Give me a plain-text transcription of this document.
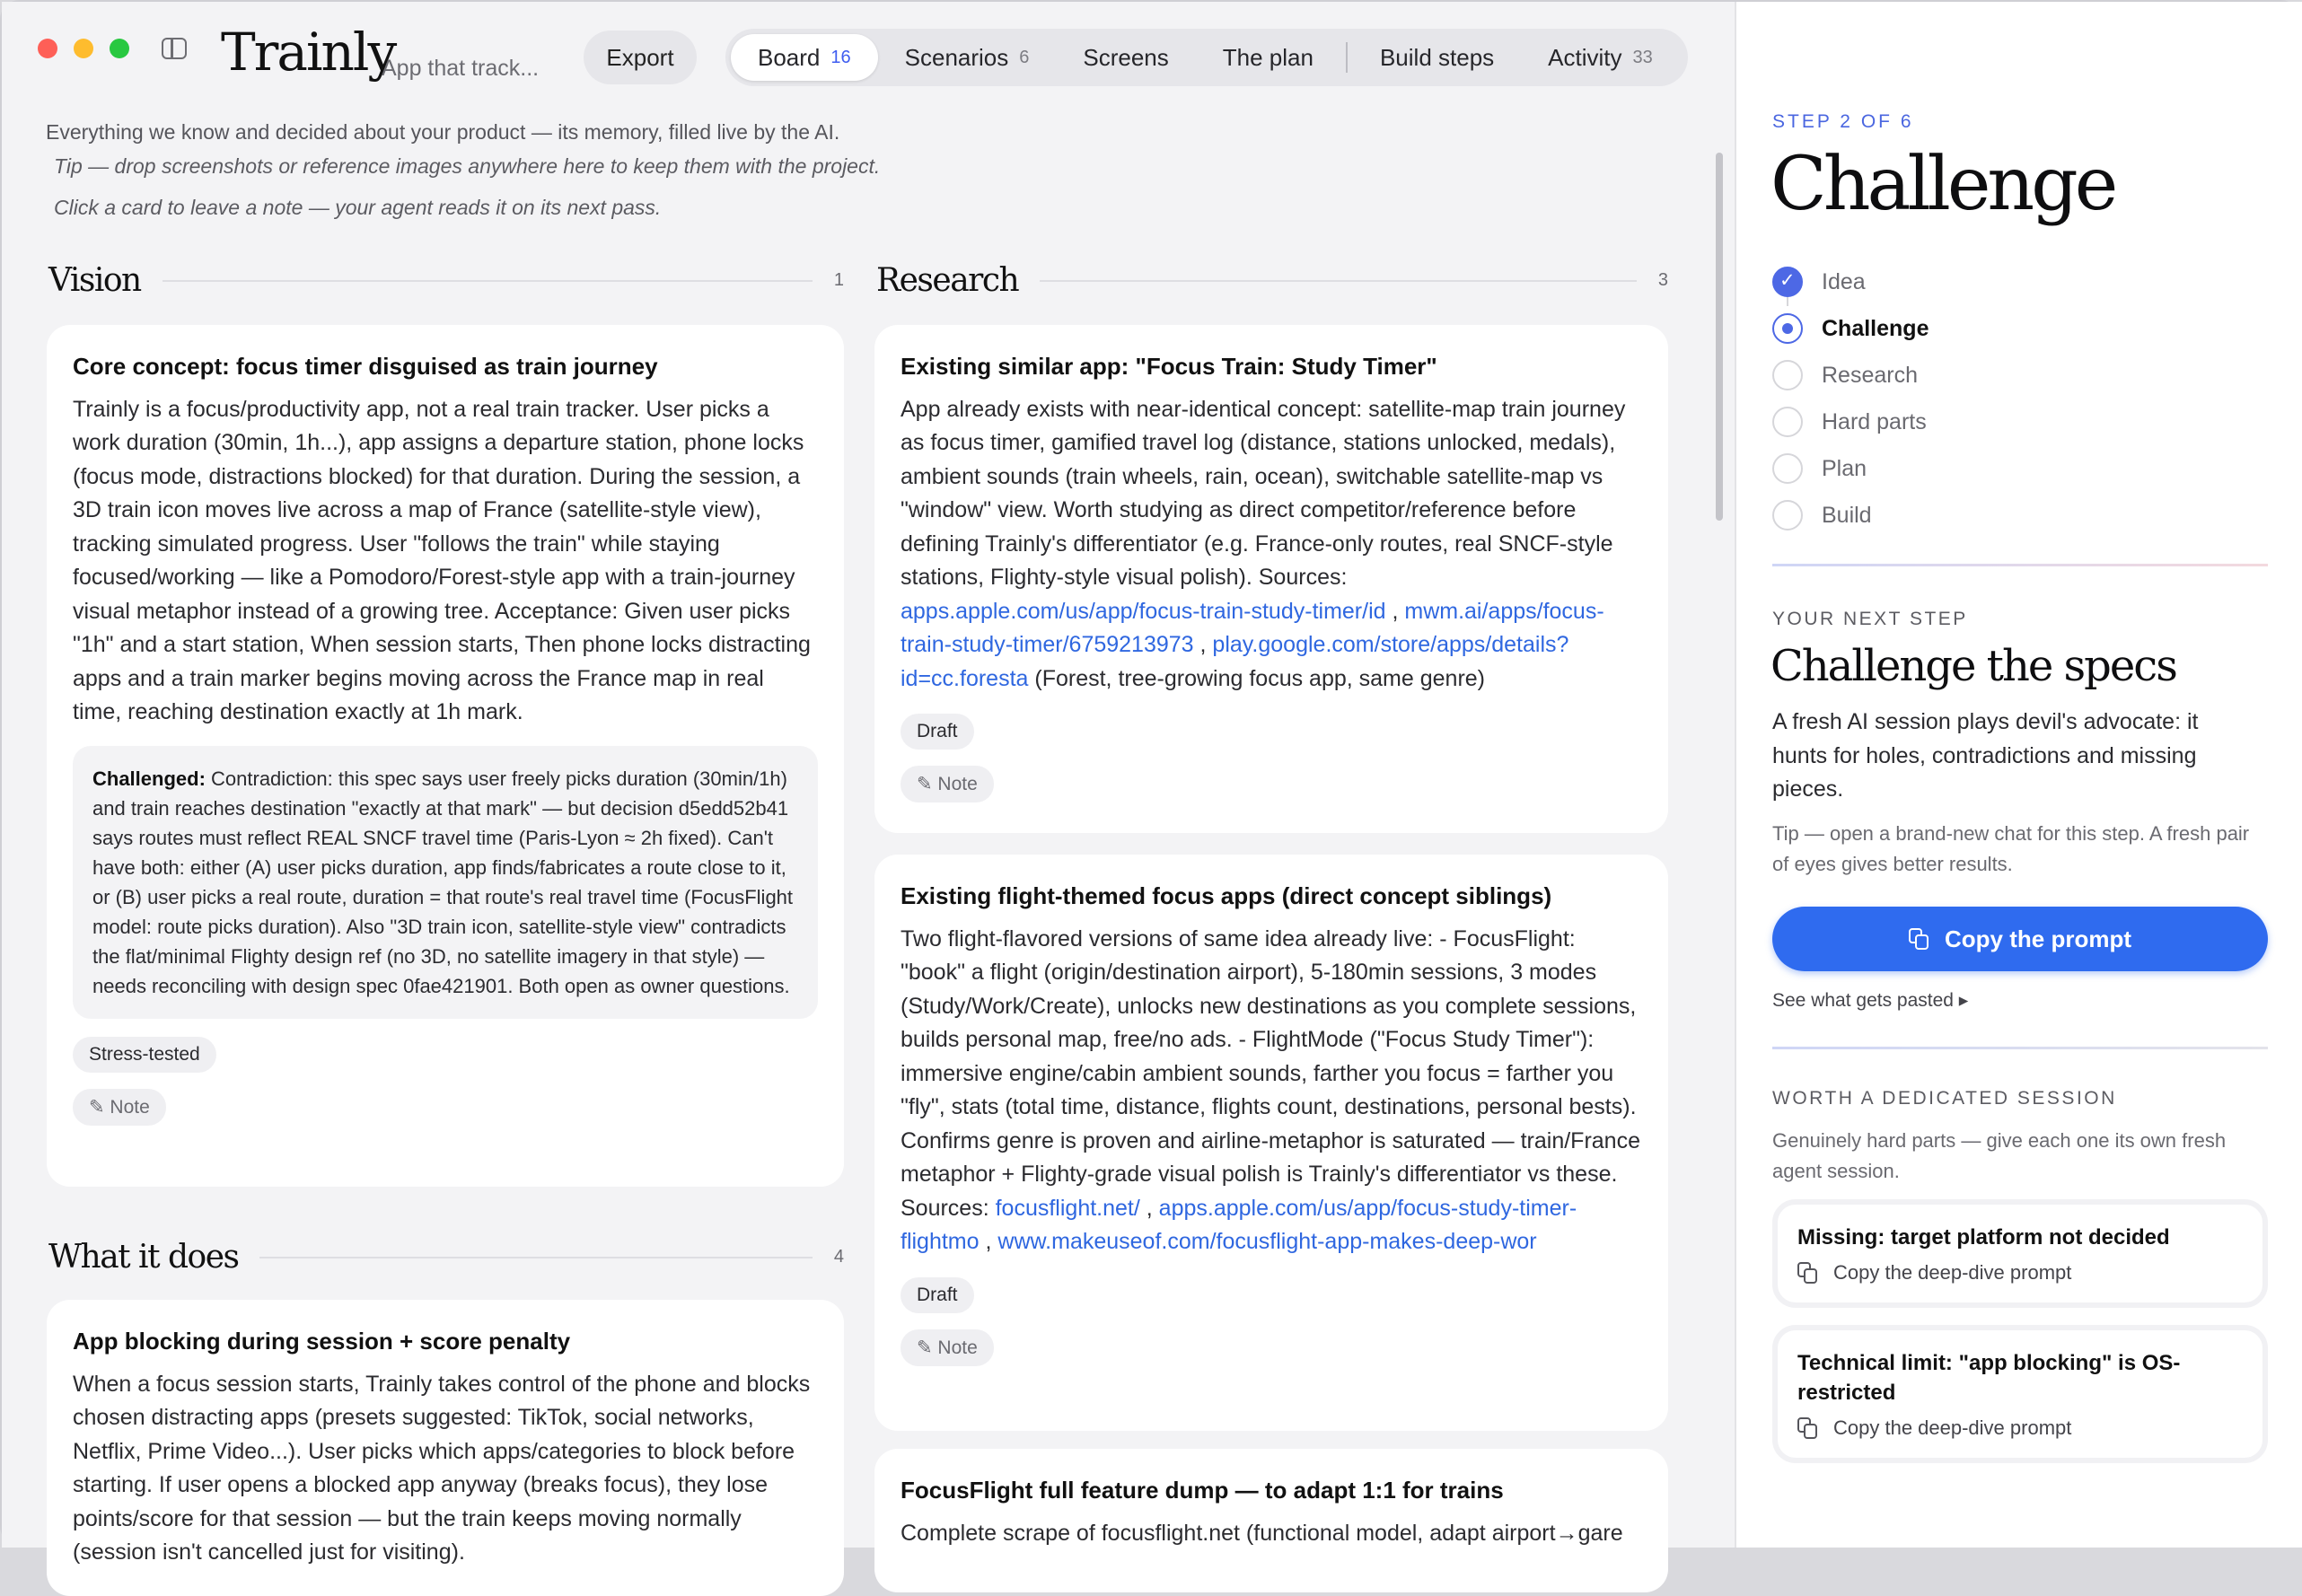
Trainly
App that track...	Export	Board 16 Scenarios 6 Screens The plan	Build steps Activity 33
Everything we know and decided about your product — its memory, filled live by the AI.
Tip — drop screenshots or reference images anywhere here to keep them with the project.
Click a card to leave a note — your agent reads it on its next pass.
Vision	1
Core concept: focus timer disguised as train journey
Trainly is a focus/productivity app, not a real train tracker. User picks a work duration (30min, 1h...), app assigns a departure station, phone locks (focus mode, distractions blocked) for that duration. During the session, a 3D train icon moves live across a map of France (satellite-style view), tracking simulated progress. User "follows the train" while staying focused/working — like a Pomodoro/Forest-style app with a train-journey visual metaphor instead of a growing tree. Acceptance: Given user picks "1h" and a start station, When session starts, Then phone locks distracting apps and a train marker begins moving across the France map in real time, reaching destination exactly at 1h mark.
Challenged: Contradiction: this spec says user freely picks duration (30min/1h) and train reaches destination "exactly at that mark" — but decision d5edd52b41 says routes must reflect REAL SNCF travel time (Paris-Lyon ≈ 2h fixed). Can't have both: either (A) user picks duration, app finds/fabricates a route close to it, or (B) user picks a real route, duration = that route's real travel time (FocusFlight model: route picks duration). Also "3D train icon, satellite-style view" contradicts the flat/minimal Flighty design ref (no 3D, no satellite imagery in that style) — needs reconciling with design spec 0fae421901. Both open as owner questions.
Stress-tested
✎ Note
What it does	4
App blocking during session + score penalty
When a focus session starts, Trainly takes control of the phone and blocks chosen distracting apps (presets suggested: TikTok, social networks, Netflix, Prime Video...). User picks which apps/categories to block before starting. If user opens a blocked app anyway (breaks focus), they lose points/score for that session — but the train keeps moving normally (session isn't cancelled just for visiting).
Research	3
Existing similar app: "Focus Train: Study Timer"
App already exists with near-identical concept: satellite-map train journey as focus timer, gamified travel log (distance, stations unlocked, medals), ambient sounds (train wheels, rain, ocean), switchable satellite-map vs "window" view. Worth studying as direct competitor/reference before defining Trainly's differentiator (e.g. France-only routes, real SNCF-style stations, Flighty-style visual polish). Sources: apps.apple.com/us/app/focus-train-study-timer/id , mwm.ai/apps/focus-train-study-timer/6759213973 , play.google.com/store/apps/details?id=cc.foresta (Forest, tree-growing focus app, same genre)
Draft
✎ Note
Existing flight-themed focus apps (direct concept siblings)
Two flight-flavored versions of same idea already live: - FocusFlight: "book" a flight (origin/destination airport), 5-180min sessions, 3 modes (Study/Work/Create), unlocks new destinations as you complete sessions, builds personal map, free/no ads. - FlightMode ("Focus Study Timer"): immersive engine/cabin ambient sounds, farther you focus = farther you "fly", stats (total time, distance, flights count, destinations, personal bests). Confirms genre is proven and airline-metaphor is saturated — train/France metaphor + Flighty-grade visual polish is Trainly's differentiator vs these. Sources: focusflight.net/ , apps.apple.com/us/app/focus-study-timer-flightmo , www.makeuseof.com/focusflight-app-makes-deep-wor
Draft
✎ Note
FocusFlight full feature dump — to adapt 1:1 for trains
Complete scrape of focusflight.net (functional model, adapt airport→gare
STEP 2 OF 6
Challenge
✓
Idea
Challenge
Research
Hard parts
Plan
Build
YOUR NEXT STEP
Challenge the specs
A fresh AI session plays devil's advocate: it hunts for holes, contradictions and missing pieces.
Tip — open a brand-new chat for this step. A fresh pair of eyes gives better results.
Copy the prompt
See what gets pasted ▸
WORTH A DEDICATED SESSION
Genuinely hard parts — give each one its own fresh agent session.
Missing: target platform not decided
Copy the deep-dive prompt
Technical limit: "app blocking" is OS-restricted
Copy the deep-dive prompt
